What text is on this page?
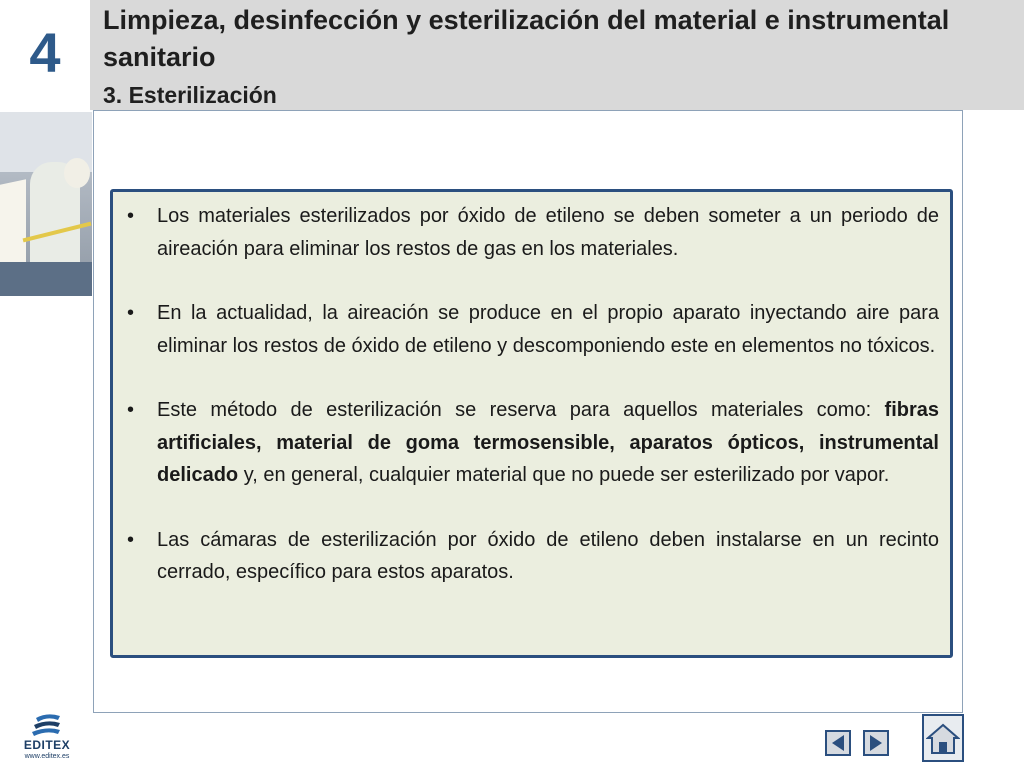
4
Limpieza, desinfección y esterilización del material e instrumental sanitario
3. Esterilización
• Los materiales esterilizados por óxido de etileno se deben someter a un periodo de aireación para eliminar los restos de gas en los materiales.
• En la actualidad, la aireación se produce en el propio aparato inyectando aire para eliminar los restos de óxido de etileno y descomponiendo este en elementos no tóxicos.
• Este método de esterilización se reserva para aquellos materiales como: fibras artificiales, material de goma termosensible, aparatos ópticos, instrumental delicado y, en general, cualquier material que no puede ser esterilizado por vapor.
• Las cámaras de esterilización por óxido de etileno deben instalarse en un recinto cerrado, específico para estos aparatos.
EDITEX
www.editex.es
